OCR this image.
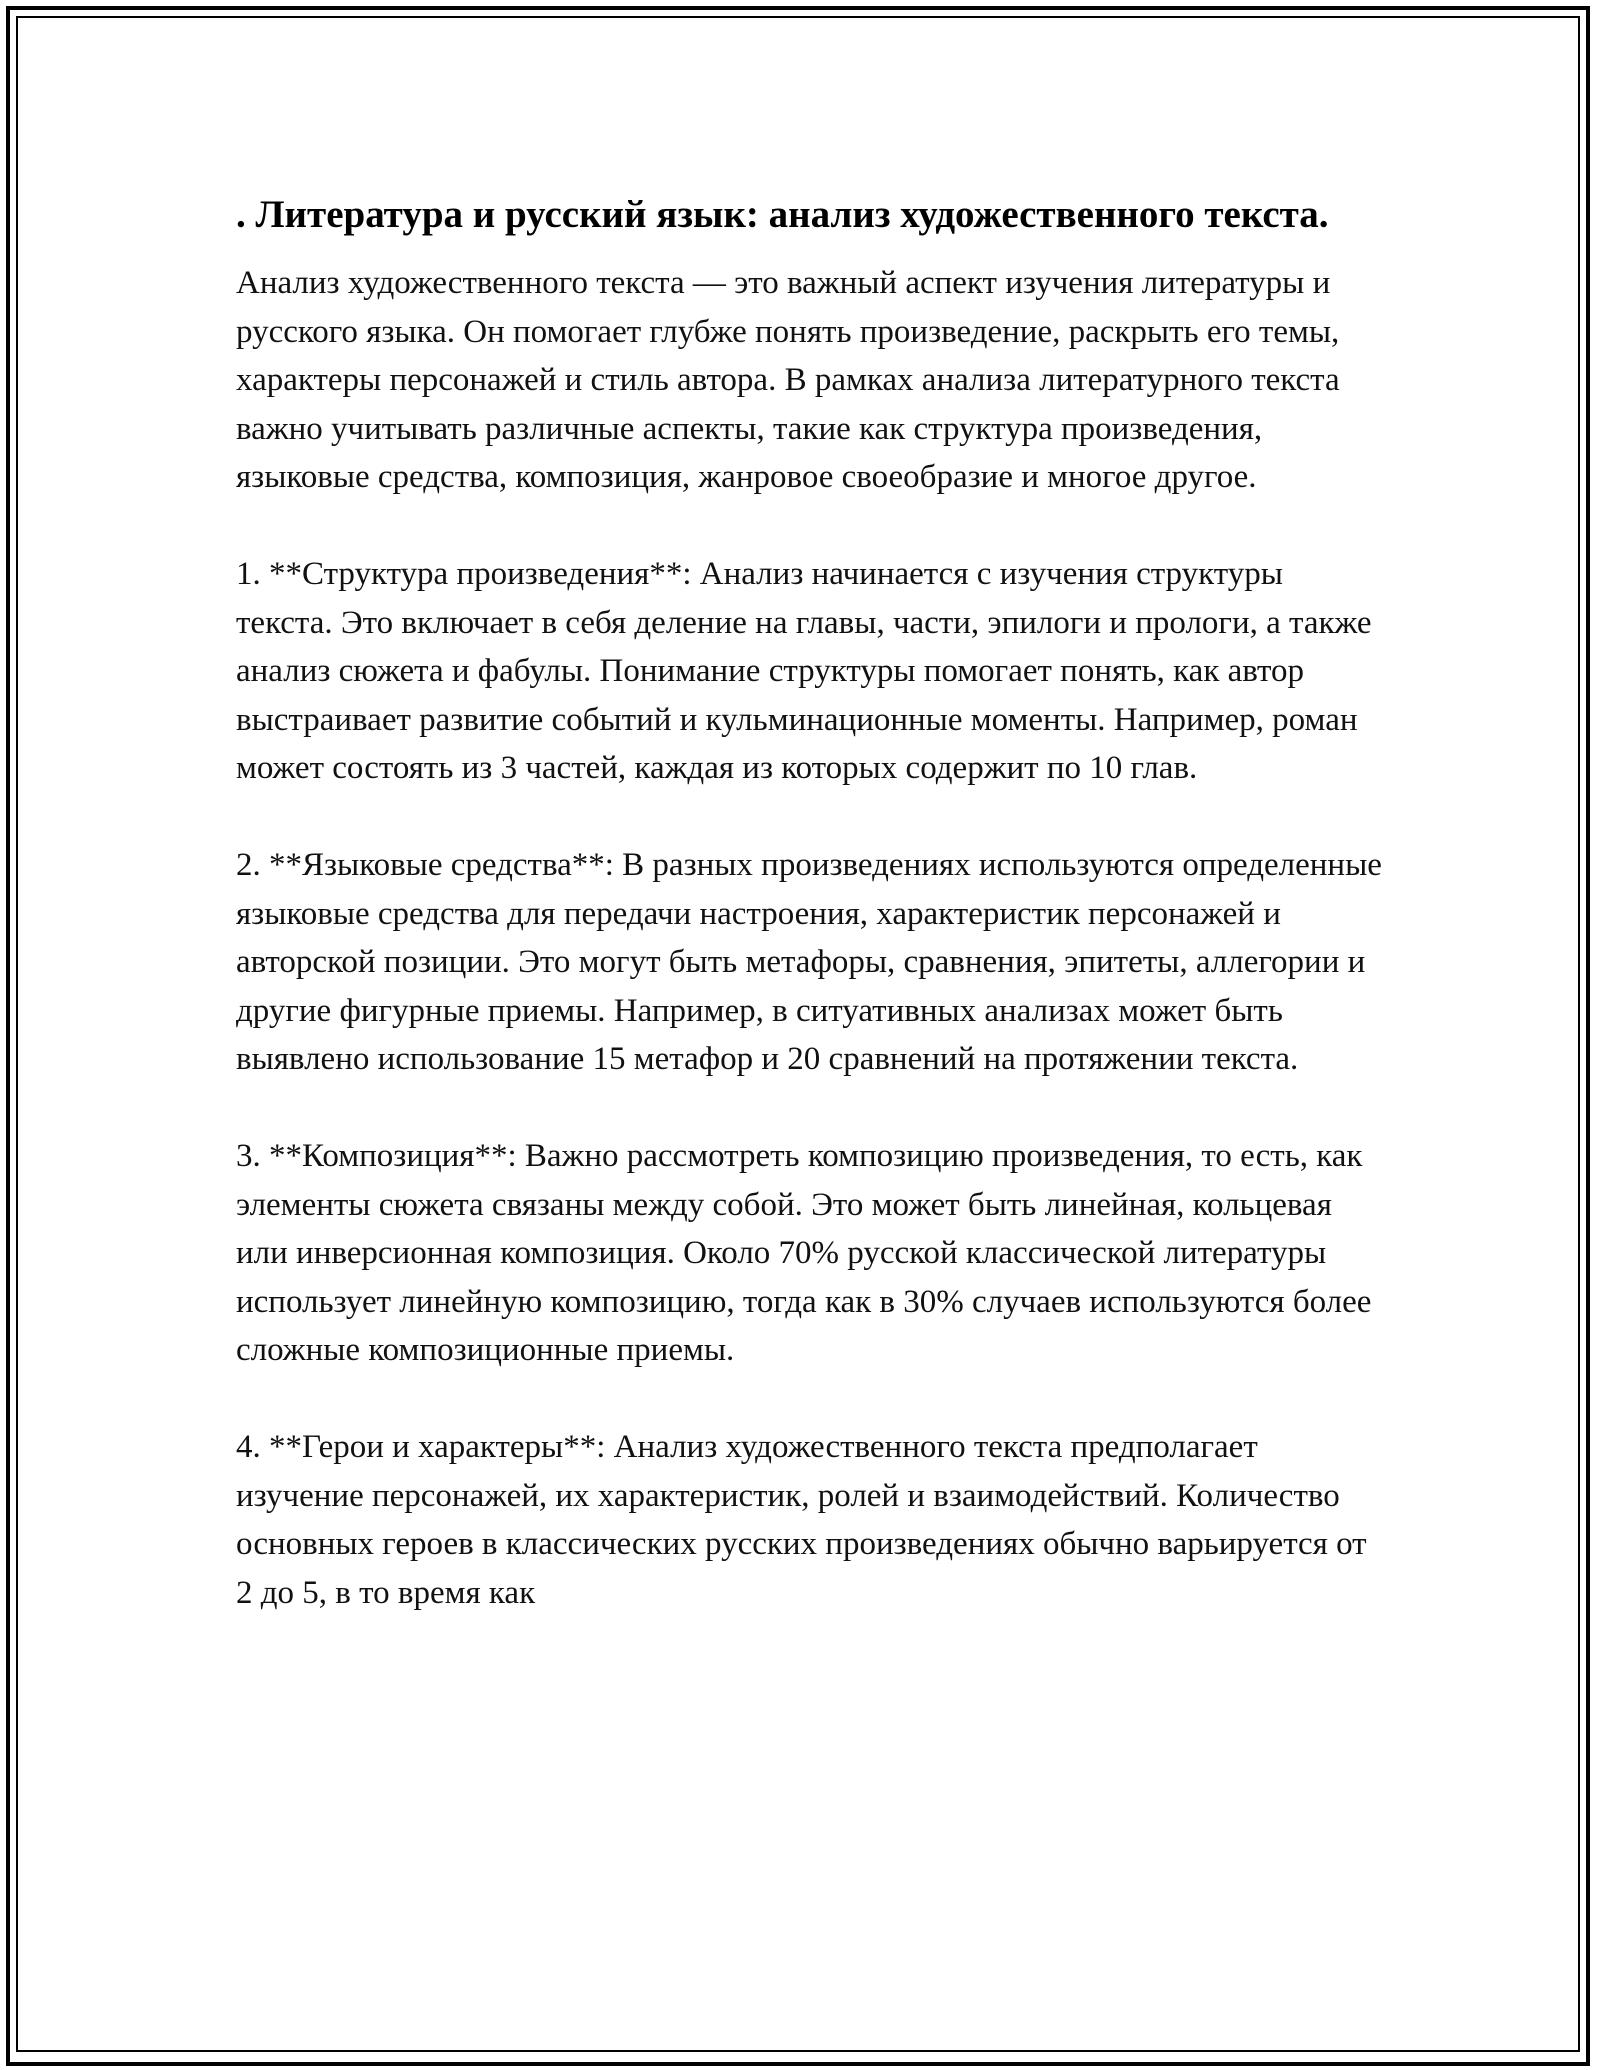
. Литература и русский язык: анализ художественного текста.

Анализ художественного текста — это важный аспект изучения литературы и русского языка. Он помогает глубже понять произведение, раскрыть его темы, характеры персонажей и стиль автора. В рамках анализа литературного текста важно учитывать различные аспекты, такие как структура произведения, языковые средства, композиция, жанровое своеобразие и многое другое.

1. **Структура произведения**: Анализ начинается с изучения структуры текста. Это включает в себя деление на главы, части, эпилоги и прологи, а также анализ сюжета и фабулы. Понимание структуры помогает понять, как автор выстраивает развитие событий и кульминационные моменты. Например, роман может состоять из 3 частей, каждая из которых содержит по 10 глав.

2. **Языковые средства**: В разных произведениях используются определенные языковые средства для передачи настроения, характеристик персонажей и авторской позиции. Это могут быть метафоры, сравнения, эпитеты, аллегории и другие фигурные приемы. Например, в ситуативных анализах может быть выявлено использование 15 метафор и 20 сравнений на протяжении текста.

3. **Композиция**: Важно рассмотреть композицию произведения, то есть, как элементы сюжета связаны между собой. Это может быть линейная, кольцевая или инверсионная композиция. Около 70% русской классической литературы использует линейную композицию, тогда как в 30% случаев используются более сложные композиционные приемы.

4. **Герои и характеры**: Анализ художественного текста предполагает изучение персонажей, их характеристик, ролей и взаимодействий. Количество основных героев в классических русских произведениях обычно варьируется от 2 до 5, в то время как
